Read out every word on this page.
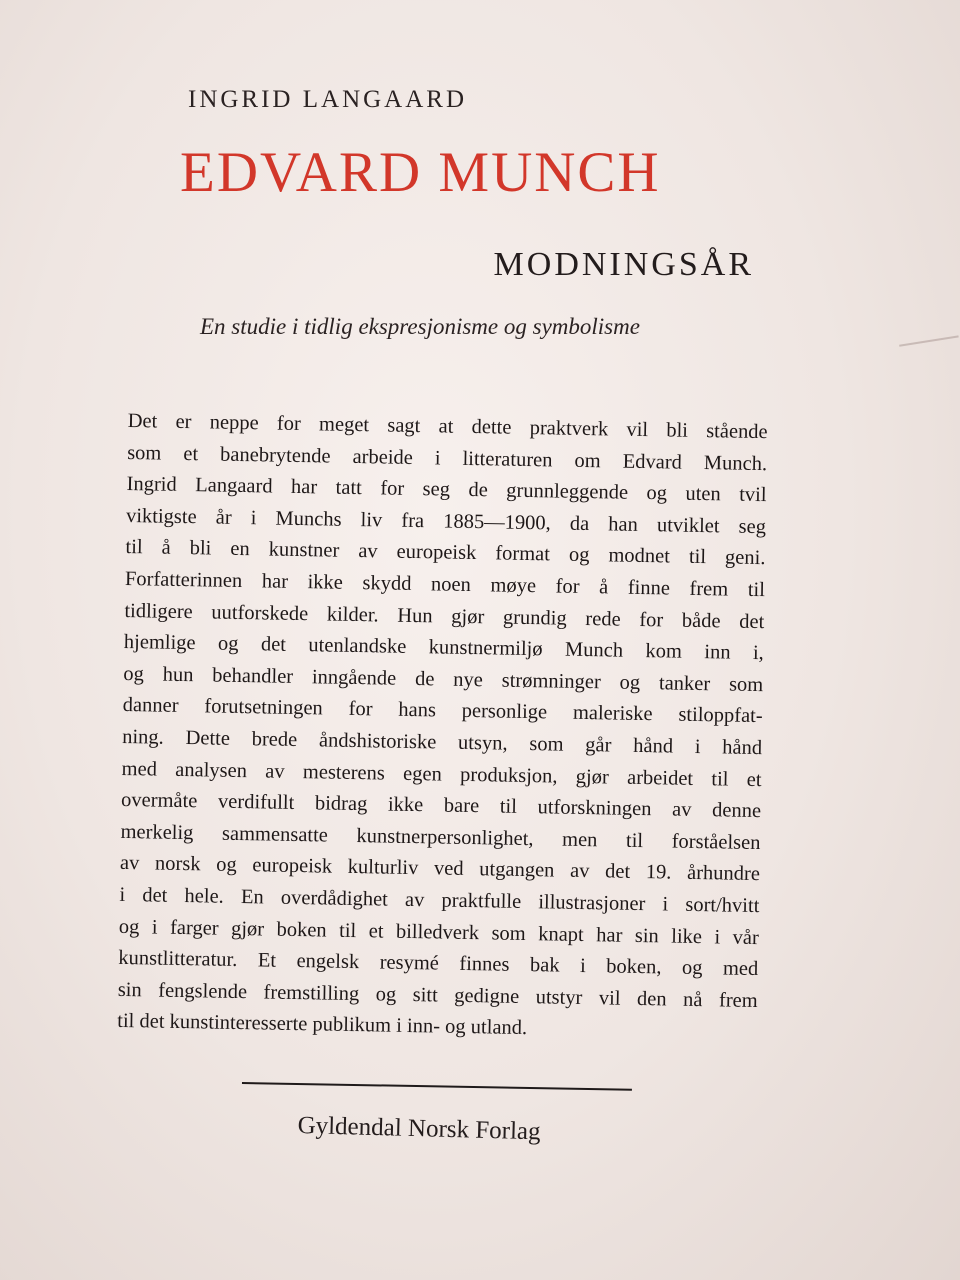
INGRID LANGAARD
EDVARD MUNCH
MODNINGSÅR
En studie i tidlig ekspresjonisme og symbolisme
Det er neppe for meget sagt at dette praktverk vil bli stående
som et banebrytende arbeide i litteraturen om Edvard Munch.
Ingrid Langaard har tatt for seg de grunnleggende og uten tvil
viktigste år i Munchs liv fra 1885—1900, da han utviklet seg
til å bli en kunstner av europeisk format og modnet til geni.
Forfatterinnen har ikke skydd noen møye for å finne frem til
tidligere uutforskede kilder. Hun gjør grundig rede for både det
hjemlige og det utenlandske kunstnermiljø Munch kom inn i,
og hun behandler inngående de nye strømninger og tanker som
danner forutsetningen for hans personlige maleriske stiloppfat-
ning. Dette brede åndshistoriske utsyn, som går hånd i hånd
med analysen av mesterens egen produksjon, gjør arbeidet til et
overmåte verdifullt bidrag ikke bare til utforskningen av denne
merkelig sammensatte kunstnerpersonlighet, men til forståelsen
av norsk og europeisk kulturliv ved utgangen av det 19. århundre
i det hele. En overdådighet av praktfulle illustrasjoner i sort/hvitt
og i farger gjør boken til et billedverk som knapt har sin like i vår
kunstlitteratur. Et engelsk resymé finnes bak i boken, og med
sin fengslende fremstilling og sitt gedigne utstyr vil den nå frem
til det kunstinteresserte publikum i inn- og utland.
Gyldendal Norsk Forlag
